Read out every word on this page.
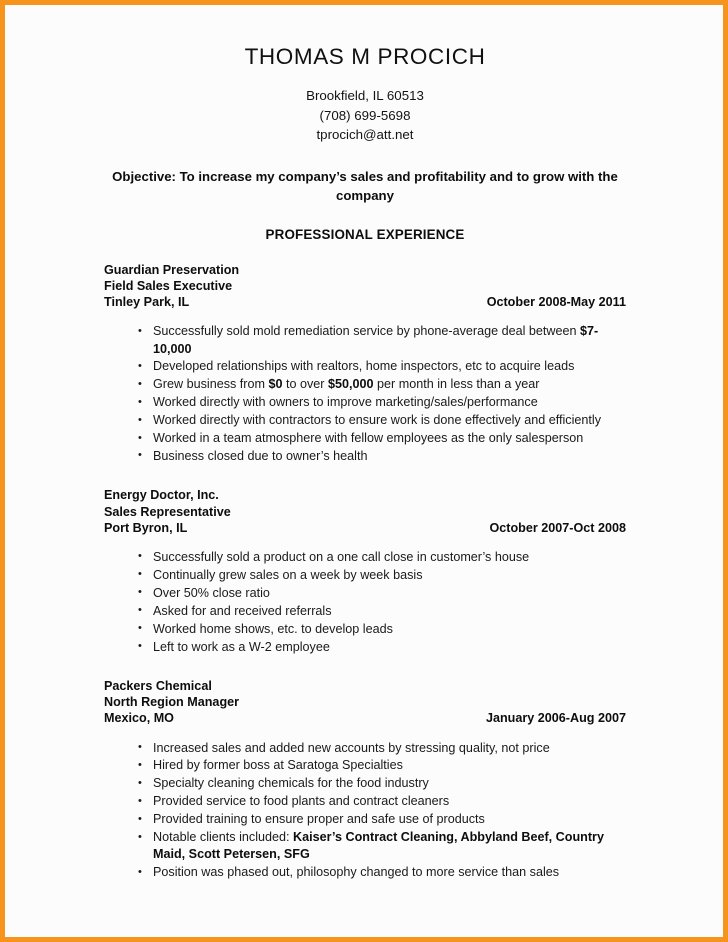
THOMAS M PROCICH
Brookfield, IL 60513
(708) 699-5698
tprocich@att.net
Objective: To increase my company’s sales and profitability and to grow with the company
PROFESSIONAL EXPERIENCE
Guardian Preservation
Field Sales Executive
Tinley Park, IL	October 2008-May 2011
• Successfully sold mold remediation service by phone-average deal between $7-10,000
• Developed relationships with realtors, home inspectors, etc to acquire leads
• Grew business from $0 to over $50,000 per month in less than a year
• Worked directly with owners to improve marketing/sales/performance
• Worked directly with contractors to ensure work is done effectively and efficiently
• Worked in a team atmosphere with fellow employees as the only salesperson
• Business closed due to owner’s health
Energy Doctor, Inc.
Sales Representative
Port Byron, IL	October 2007-Oct 2008
• Successfully sold a product on a one call close in customer’s house
• Continually grew sales on a week by week basis
• Over 50% close ratio
• Asked for and received referrals
• Worked home shows, etc. to develop leads
• Left to work as a W-2 employee
Packers Chemical
North Region Manager
Mexico, MO	January 2006-Aug 2007
• Increased sales and added new accounts by stressing quality, not price
• Hired by former boss at Saratoga Specialties
• Specialty cleaning chemicals for the food industry
• Provided service to food plants and contract cleaners
• Provided training to ensure proper and safe use of products
• Notable clients included: Kaiser’s Contract Cleaning, Abbyland Beef, Country Maid, Scott Petersen, SFG
• Position was phased out, philosophy changed to more service than sales
